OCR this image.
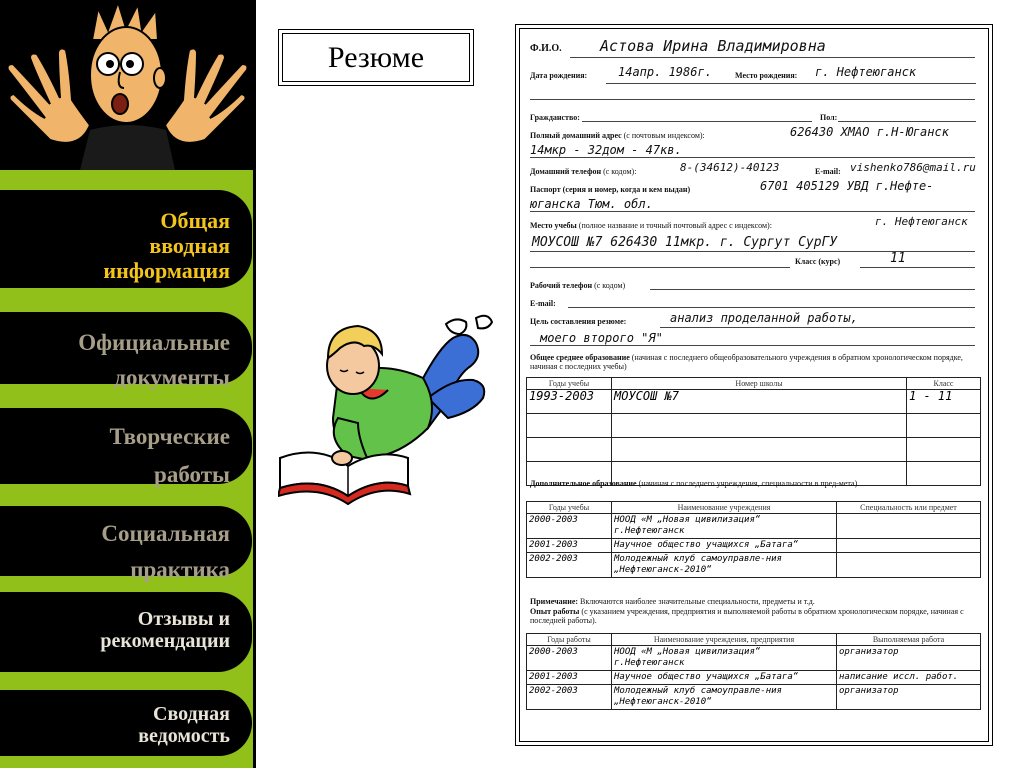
Общая
вводная
информация
Официальные
документы
Творческие
работы
Социальная
практика
Отзывы и
рекомендации
Сводная
ведомость
Резюме	Ф.И.О.	Астова Ирина Владимировна
Дата рождения:	14апр. 1986г.	Место рождения: г. Нефтеюганск
Гражданство:	Пол:
Полный домашний адрес (с почтовым индексом):	626430 ХМАО г.Н-Юганск
14мкр - 32дом - 47кв.
Домашний телефон (с кодом):	8-(34612)-40123	E-mail: vishenko786@mail.ru
Паспорт (серия и номер, когда и кем выдан)	6701 405129 УВД г.Нефте-
юганска Тюм. обл.
Место учебы (полное название и точный почтовый адрес с индексом):	г. Нефтеюганск
МОУСОШ №7 626430 11мкр. г. Сургут СурГУ
Класс (курс)	11
Рабочий телефон (с кодом)
E-mail:
Цель составления резюме:	анализ проделанной работы,
моего второго "Я"
Общее среднее образование (начиная с последнего общеобразовательного учреждения в обратном хронологическом порядке, начиная с последних учебы)
Годы учебы	Номер школы	Класс
1993-2003	МОУСОШ №7	1 - 11

Дополнительное образование (начиная с последнего учреждения, специальности в пред-мета)
Годы учебы	Наименование учреждения	Специальность или предмет
2000-2003	НООД «М „Новая цивилизация“ г.Нефтеюганск	
2001-2003	Научное общество учащихся „Батага“	
2002-2003	Молодежный клуб самоуправле-ния „Нефтеюганск-2010“	
Примечание: Включаются наиболее значительные специальности, предметы и т.д.
Опыт работы (с указанием учреждения, предприятия и выполняемой работы в обратном хронологическом порядке, начиная с последней работы).
Годы работы	Наименование учреждения, предприятия	Выполняемая работа
2000-2003	НООД «М „Новая цивилизация“ г.Нефтеюганск	организатор
2001-2003	Научное общество учащихся „Батага“	написание иссл. работ.
2002-2003	Молодежный клуб самоуправле-ния „Нефтеюганск-2010“	организатор
